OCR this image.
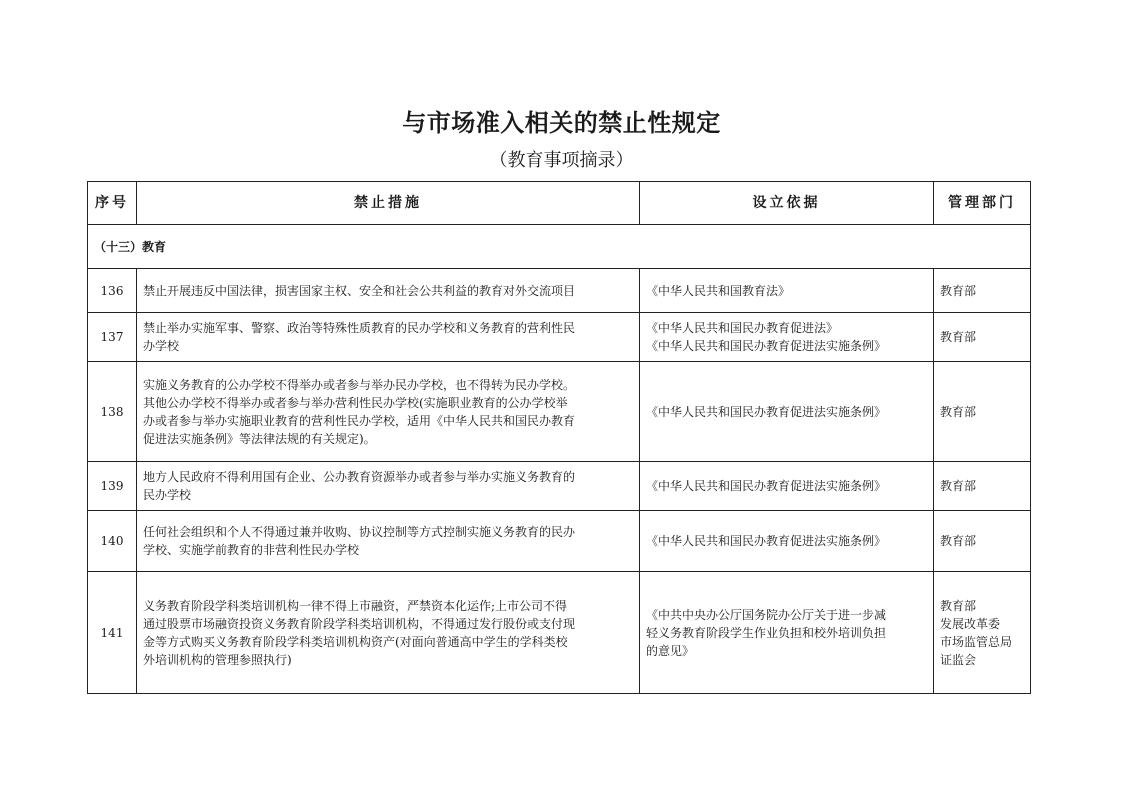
与市场准入相关的禁止性规定
（教育事项摘录）
序号	禁止措施	设立依据	管理部门
（十三）教育			
136	禁止开展违反中国法律，损害国家主权、安全和社会公共利益的教育对外交流项目	《中华人民共和国教育法》	教育部

137	禁止举办实施军事、警察、政治等特殊性质教育的民办学校和义务教育的营利性民
办学校	《中华人民共和国民办教育促进法》
《中华人民共和国民办教育促进法实施条例》	教育部

138	实施义务教育的公办学校不得举办或者参与举办民办学校，也不得转为民办学校。
其他公办学校不得举办或者参与举办营利性民办学校(实施职业教育的公办学校举
办或者参与举办实施职业教育的营利性民办学校，适用《中华人民共和国民办教育
促进法实施条例》等法律法规的有关规定)。	《中华人民共和国民办教育促进法实施条例》	教育部

139	地方人民政府不得利用国有企业、公办教育资源举办或者参与举办实施义务教育的
民办学校	《中华人民共和国民办教育促进法实施条例》	教育部

140	任何社会组织和个人不得通过兼并收购、协议控制等方式控制实施义务教育的民办
学校、实施学前教育的非营利性民办学校	《中华人民共和国民办教育促进法实施条例》	教育部

141	义务教育阶段学科类培训机构一律不得上市融资，严禁资本化运作;上市公司不得
通过股票市场融资投资义务教育阶段学科类培训机构，不得通过发行股份或支付现
金等方式购买义务教育阶段学科类培训机构资产(对面向普通高中学生的学科类校
外培训机构的管理参照执行)	《中共中央办公厅国务院办公厅关于进一步减
轻义务教育阶段学生作业负担和校外培训负担
的意见》	教育部
发展改革委
市场监管总局
证监会
